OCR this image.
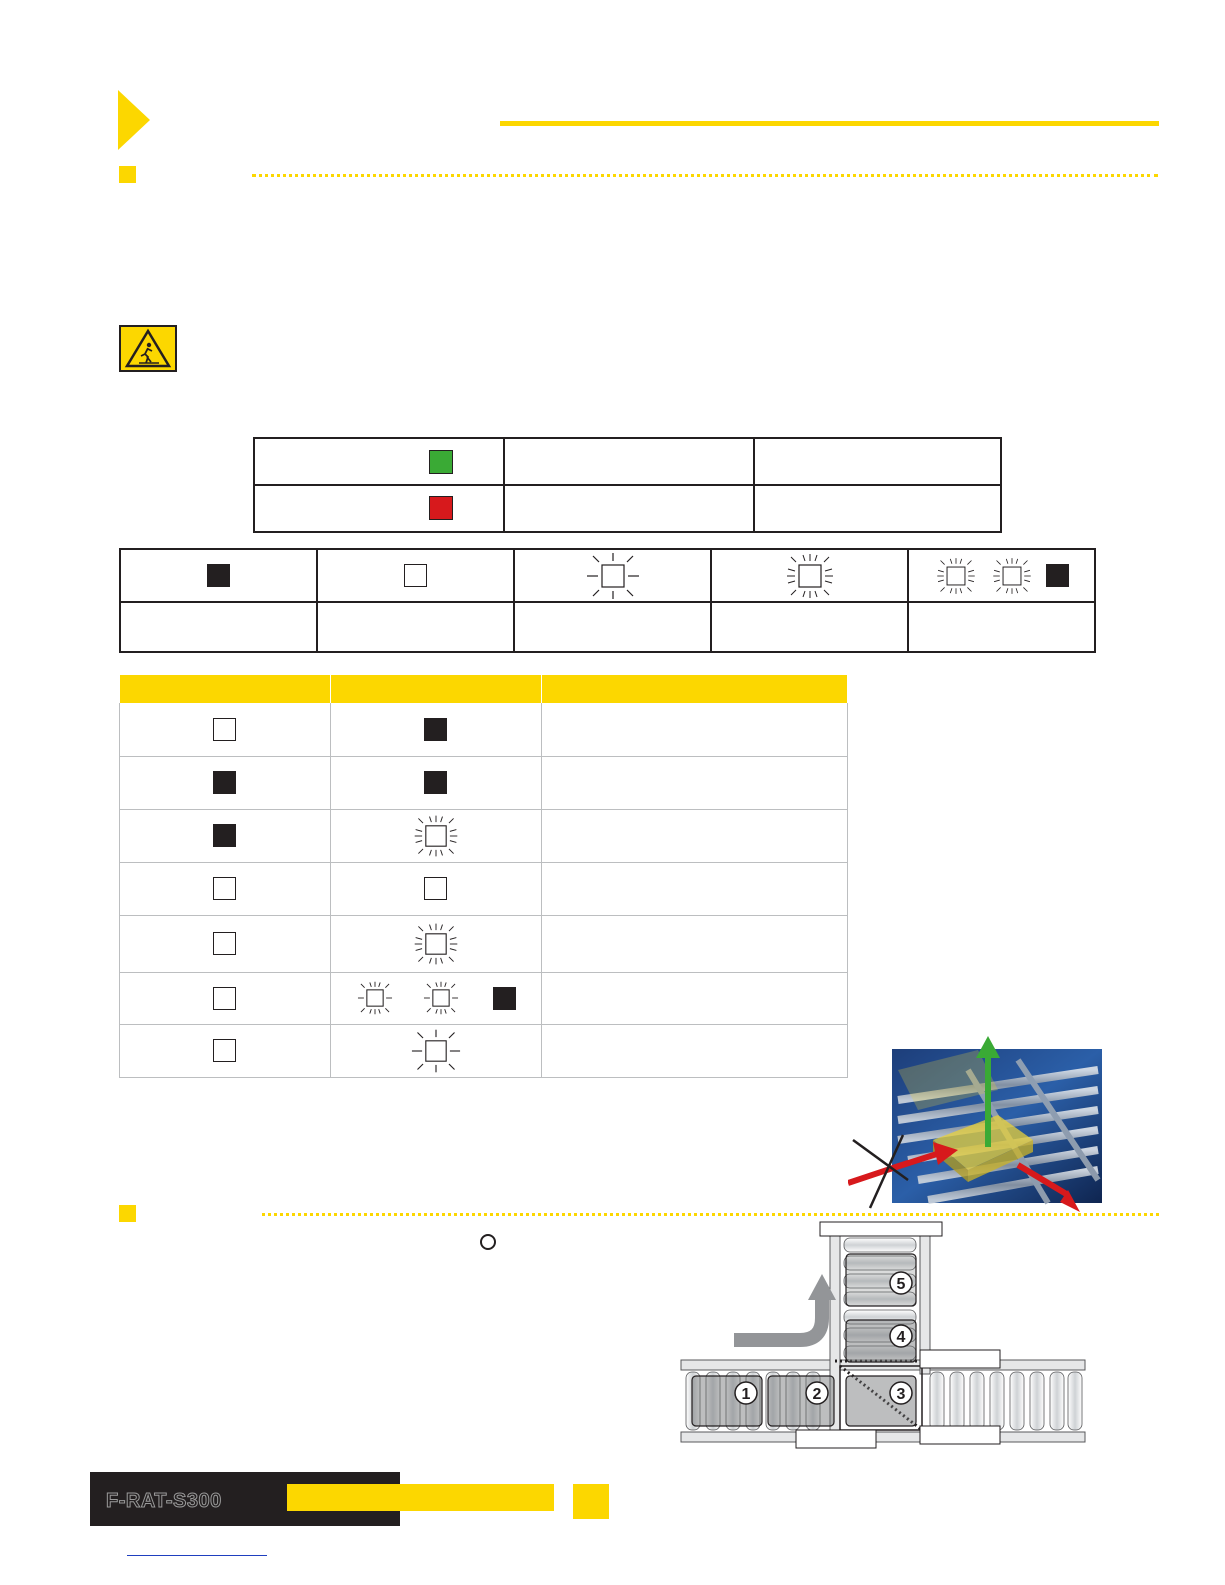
1	2	3
4
5
F-RAT-S300
